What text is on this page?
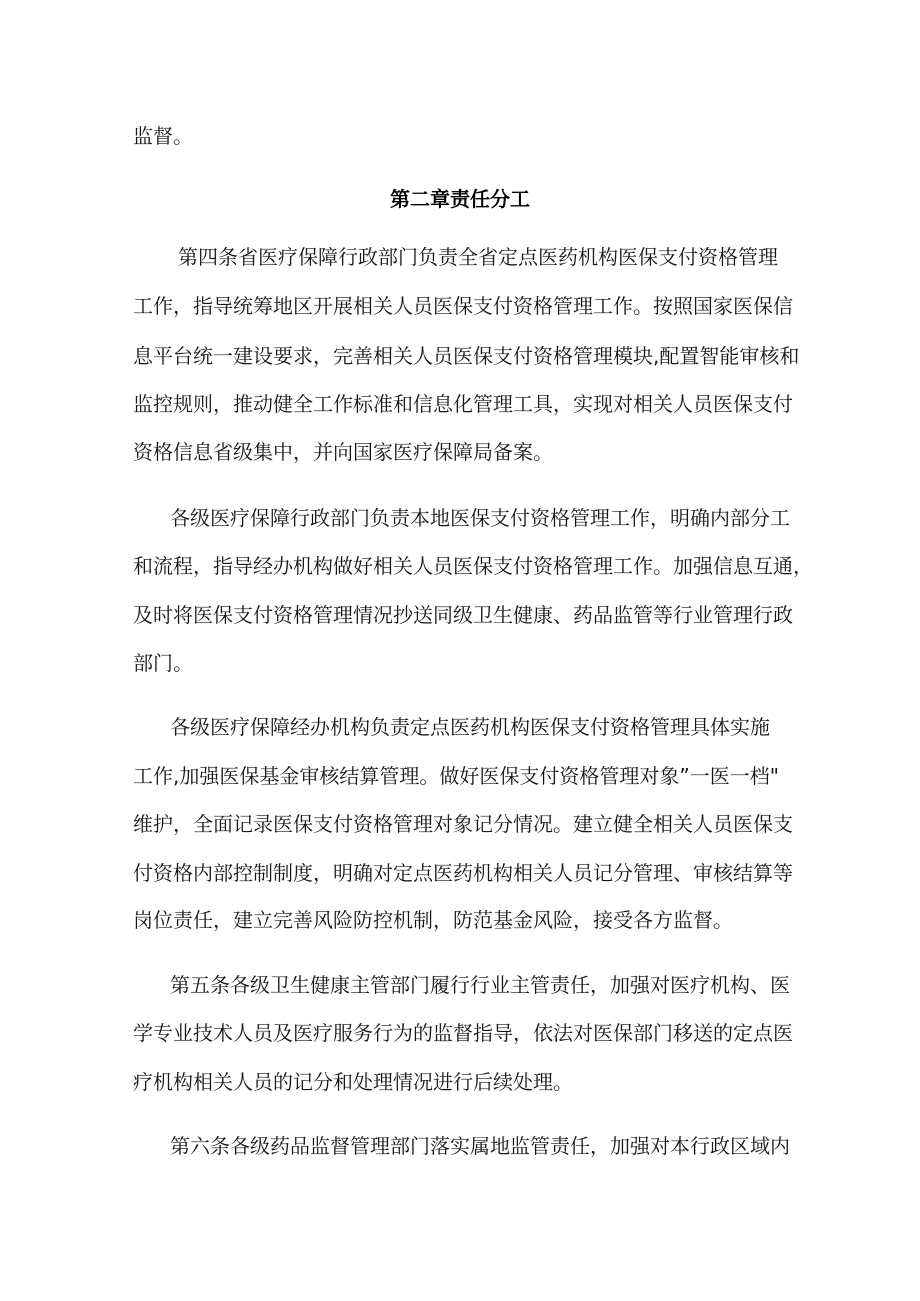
监督。
第二章责任分工
第四条省医疗保障行政部门负责全省定点医药机构医保支付资格管理
工作，指导统筹地区开展相关人员医保支付资格管理工作。按照国家医保信
息平台统一建设要求，完善相关人员医保支付资格管理模块,配置智能审核和
监控规则，推动健全工作标准和信息化管理工具，实现对相关人员医保支付
资格信息省级集中，并向国家医疗保障局备案。
各级医疗保障行政部门负责本地医保支付资格管理工作，明确内部分工
和流程，指导经办机构做好相关人员医保支付资格管理工作。加强信息互通，
及时将医保支付资格管理情况抄送同级卫生健康、药品监管等行业管理行政
部门。
各级医疗保障经办机构负责定点医药机构医保支付资格管理具体实施
工作,加强医保基金审核结算管理。做好医保支付资格管理对象”一医一档"
维护，全面记录医保支付资格管理对象记分情况。建立健全相关人员医保支
付资格内部控制制度，明确对定点医药机构相关人员记分管理、审核结算等
岗位责任，建立完善风险防控机制，防范基金风险，接受各方监督。
第五条各级卫生健康主管部门履行行业主管责任，加强对医疗机构、医
学专业技术人员及医疗服务行为的监督指导，依法对医保部门移送的定点医
疗机构相关人员的记分和处理情况进行后续处理。
第六条各级药品监督管理部门落实属地监管责任，加强对本行政区域内
